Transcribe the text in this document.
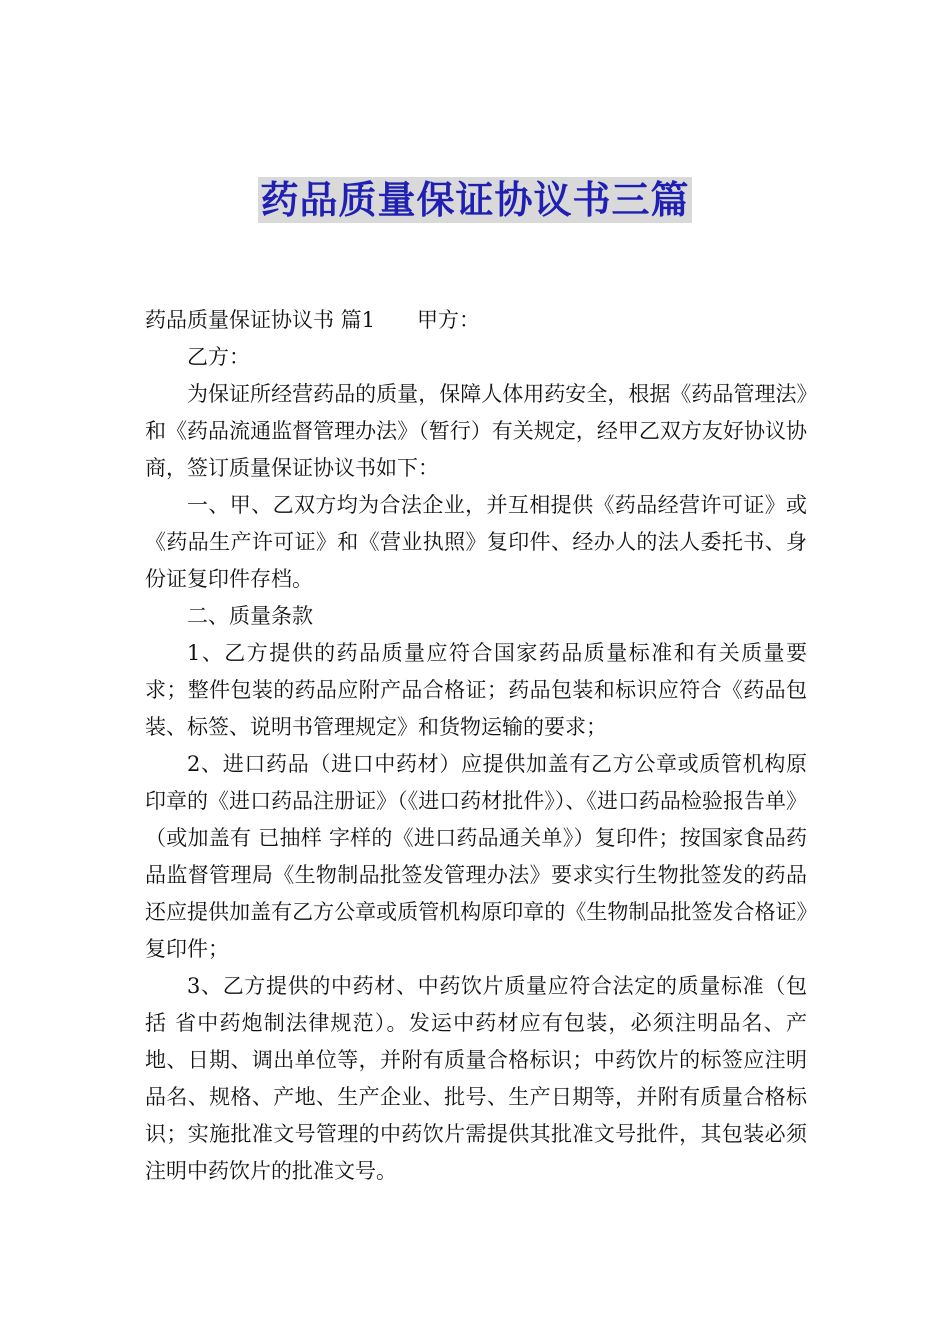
药品质量保证协议书三篇

药品质量保证协议书 篇1 甲方：

乙方：

为保证所经营药品的质量，保障人体用药安全，根据《药品管理法》和《药品流通监督管理办法》（暂行）有关规定，经甲乙双方友好协议协商，签订质量保证协议书如下：

一、甲、乙双方均为合法企业，并互相提供《药品经营许可证》或《药品生产许可证》和《营业执照》复印件、经办人的法人委托书、身份证复印件存档。

二、质量条款

1、乙方提供的药品质量应符合国家药品质量标准和有关质量要求；整件包装的药品应附产品合格证；药品包装和标识应符合《药品包装、标签、说明书管理规定》和货物运输的要求；

2、进口药品（进口中药材）应提供加盖有乙方公章或质管机构原印章的《进口药品注册证》（《进口药材批件》）、《进口药品检验报告单》（或加盖有 已抽样 字样的《进口药品通关单》）复印件；按国家食品药品监督管理局《生物制品批签发管理办法》要求实行生物批签发的药品还应提供加盖有乙方公章或质管机构原印章的《生物制品批签发合格证》复印件；

3、乙方提供的中药材、中药饮片质量应符合法定的质量标准（包括 省中药炮制法律规范）。发运中药材应有包装，必须注明品名、产地、日期、调出单位等，并附有质量合格标识；中药饮片的标签应注明品名、规格、产地、生产企业、批号、生产日期等，并附有质量合格标识；实施批准文号管理的中药饮片需提供其批准文号批件，其包装必须注明中药饮片的批准文号。
